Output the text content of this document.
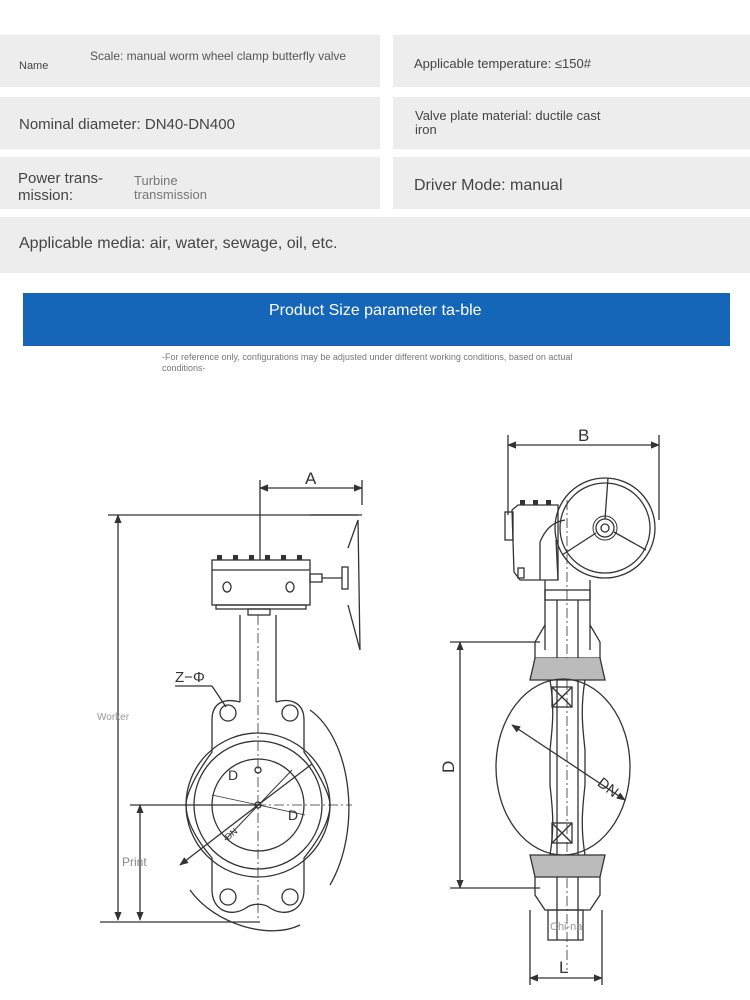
Name
Scale: manual worm wheel clamp butterfly valve	Applicable temperature: ≤150#
Nominal diameter: DN40-DN400
Valve plate material: ductile cast iron
Power trans-mission:
Turbine transmission
Driver Mode: manual
Applicable media: air, water, sewage, oil, etc.
Product Size parameter ta-ble
-For reference only, configurations may be adjusted under different working conditions, based on actual conditions-
A
D
D
DN
Z−Φ
Worker
Print
B
DN
D
L
Chi-na
